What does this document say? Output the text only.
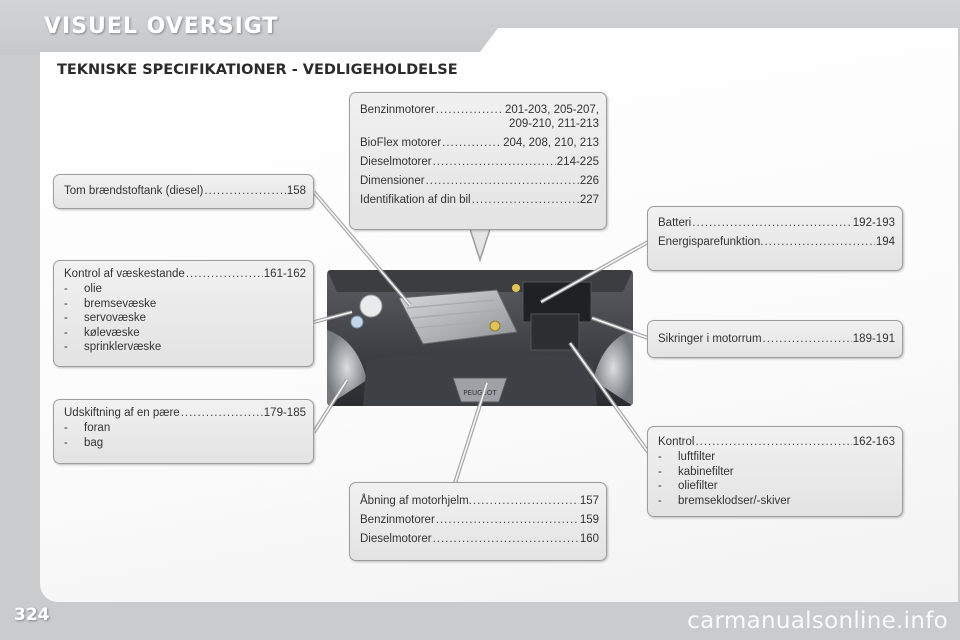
VISUEL OVERSIGT
TEKNISKE SPECIFIKATIONER - VEDLIGEHOLDELSE
PEUGEOT
Tom brændstoftank (diesel) .....	158
Kontrol af væskestande .....	161-162
- olie
- bremsevæske
- servovæske
- kølevæske
- sprinklervæske
Udskiftning af en pære .....	179-185
- foran
- bag
Benzinmotorer .....	201-203, 205-207,
209-210, 211-213
BioFlex motorer .....	204, 208, 210, 213
Dieselmotorer .....	214-225
Dimensioner .....	226
Identifikation af din bil .....	227
Batteri .....	192-193
Energisparefunktion. .....	194
Sikringer i motorrum .....	189-191
Kontrol .....	162-163
- luftfilter
- kabinefilter
- oliefilter
- bremseklodser/-skiver
Åbning af motorhjelm. .....	157
Benzinmotorer .....	159
Dieselmotorer .....	160
324	carmanualsonline.info
